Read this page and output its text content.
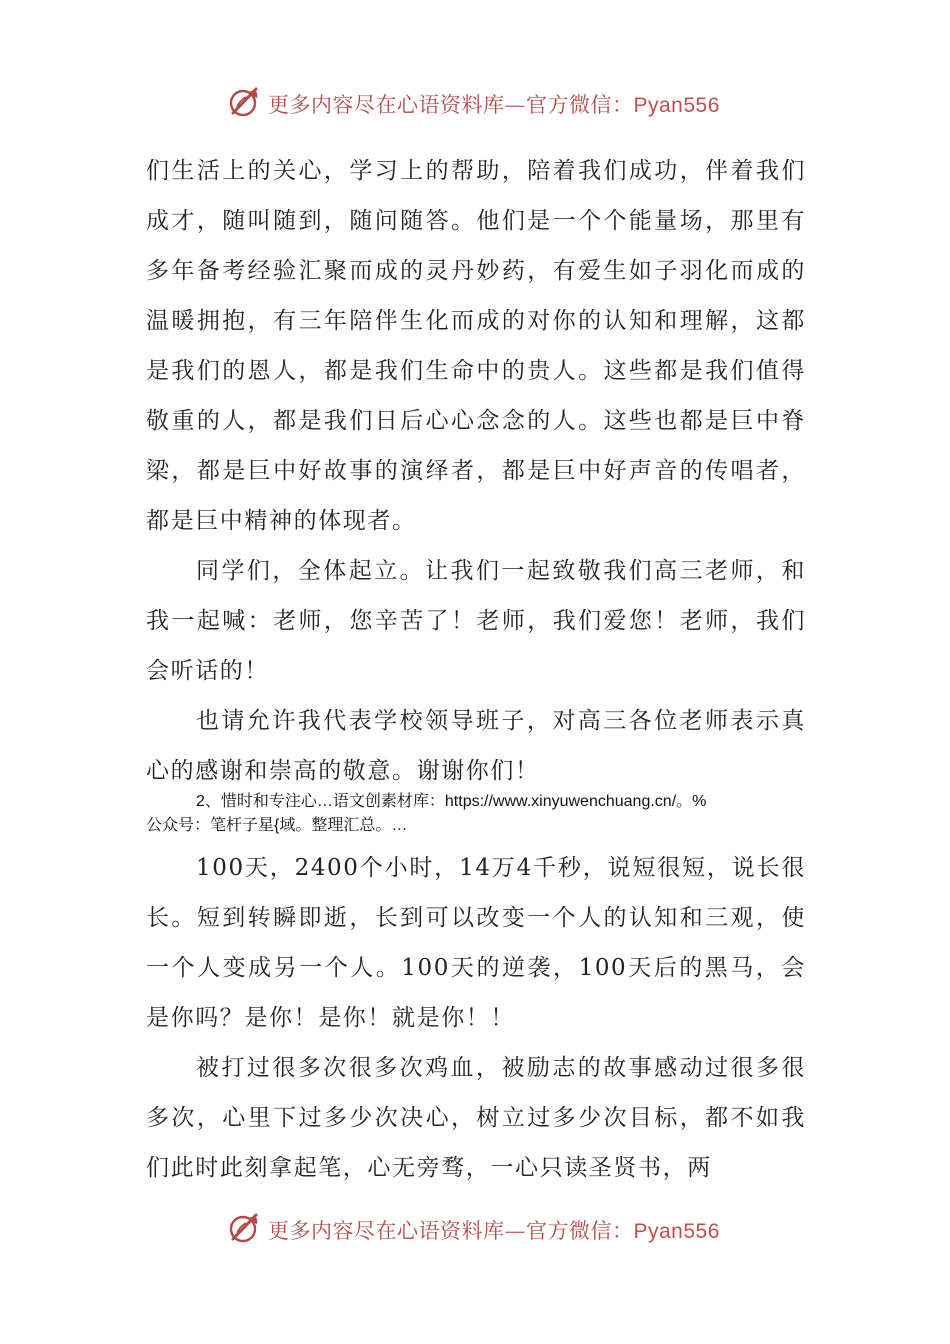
更多内容尽在心语资料库—官方微信：Pyan556

们生活上的关心，学习上的帮助，陪着我们成功，伴着我们成才，随叫随到，随问随答。他们是一个个能量场，那里有多年备考经验汇聚而成的灵丹妙药，有爱生如子羽化而成的温暖拥抱，有三年陪伴生化而成的对你的认知和理解，这都是我们的恩人，都是我们生命中的贵人。这些都是我们值得敬重的人，都是我们日后心心念念的人。这些也都是巨中脊梁，都是巨中好故事的演绎者，都是巨中好声音的传唱者，都是巨中精神的体现者。

同学们，全体起立。让我们一起致敬我们高三老师，和我一起喊：老师，您辛苦了！老师，我们爱您！老师，我们会听话的！

也请允许我代表学校领导班子，对高三各位老师表示真心的感谢和崇高的敬意。谢谢你们！

2、惜时和专注心…语文创素材库：https://www.xinyuwenchuang.cn/。%

公众号：笔杆子星{域。整理汇总。…

100天，2400个小时，14万4千秒，说短很短，说长很长。短到转瞬即逝，长到可以改变一个人的认知和三观，使一个人变成另一个人。100天的逆袭，100天后的黑马，会是你吗？是你！是你！就是你！！

被打过很多次很多次鸡血，被励志的故事感动过很多很多次，心里下过多少次决心，树立过多少次目标，都不如我们此时此刻拿起笔，心无旁骛，一心只读圣贤书，两

更多内容尽在心语资料库—官方微信：Pyan556
